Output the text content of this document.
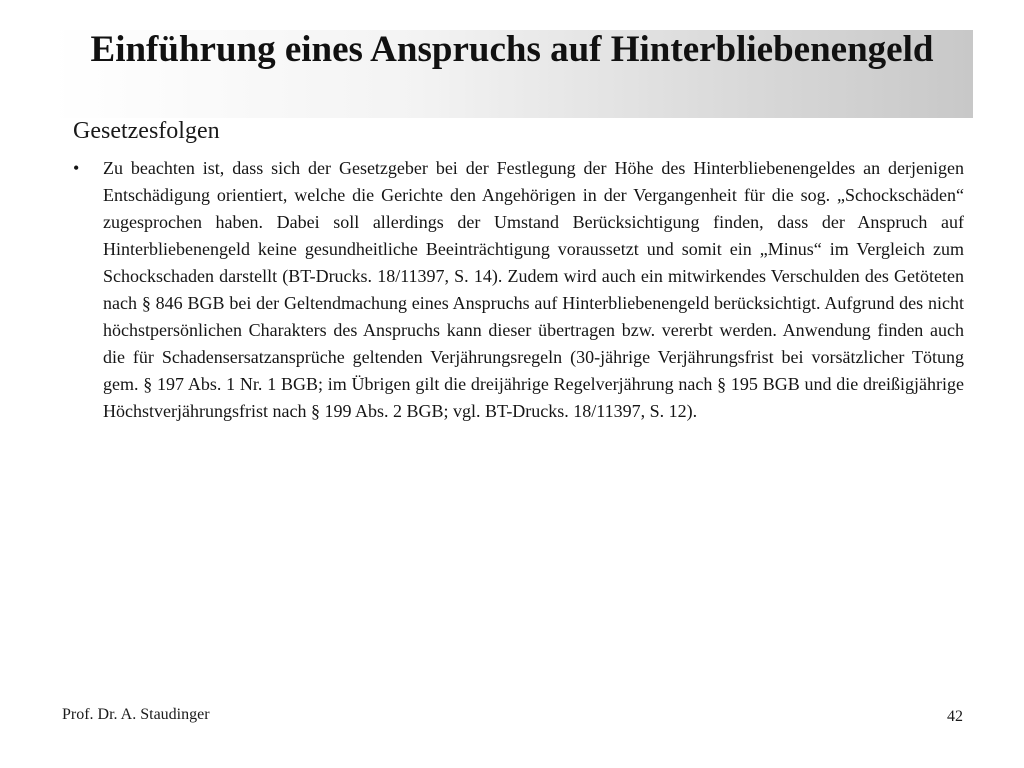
Einführung eines Anspruchs auf Hinterbliebenengeld
Gesetzesfolgen
• Zu beachten ist, dass sich der Gesetzgeber bei der Festlegung der Höhe des Hinterbliebenengeldes an derjenigen Entschädigung orientiert, welche die Gerichte den Angehörigen in der Vergangenheit für die sog. „Schockschäden“ zugesprochen haben. Dabei soll allerdings der Umstand Berücksichtigung finden, dass der Anspruch auf Hinterbliebenengeld keine gesundheitliche Beeinträchtigung voraussetzt und somit ein „Minus“ im Vergleich zum Schockschaden darstellt (BT-Drucks. 18/11397, S. 14). Zudem wird auch ein mitwirkendes Verschulden des Getöteten nach § 846 BGB bei der Geltendmachung eines Anspruchs auf Hinterbliebenengeld berücksichtigt. Aufgrund des nicht höchstpersönlichen Charakters des Anspruchs kann dieser übertragen bzw. vererbt werden. Anwendung finden auch die für Schadensersatzansprüche geltenden Verjährungsregeln (30-jährige Verjährungsfrist bei vorsätzlicher Tötung gem. § 197 Abs. 1 Nr. 1 BGB; im Übrigen gilt die dreijährige Regelverjährung nach § 195 BGB und die dreißigjährige Höchstverjährungsfrist nach § 199 Abs. 2 BGB; vgl. BT-Drucks. 18/11397, S. 12).
Prof. Dr. A. Staudinger	42
